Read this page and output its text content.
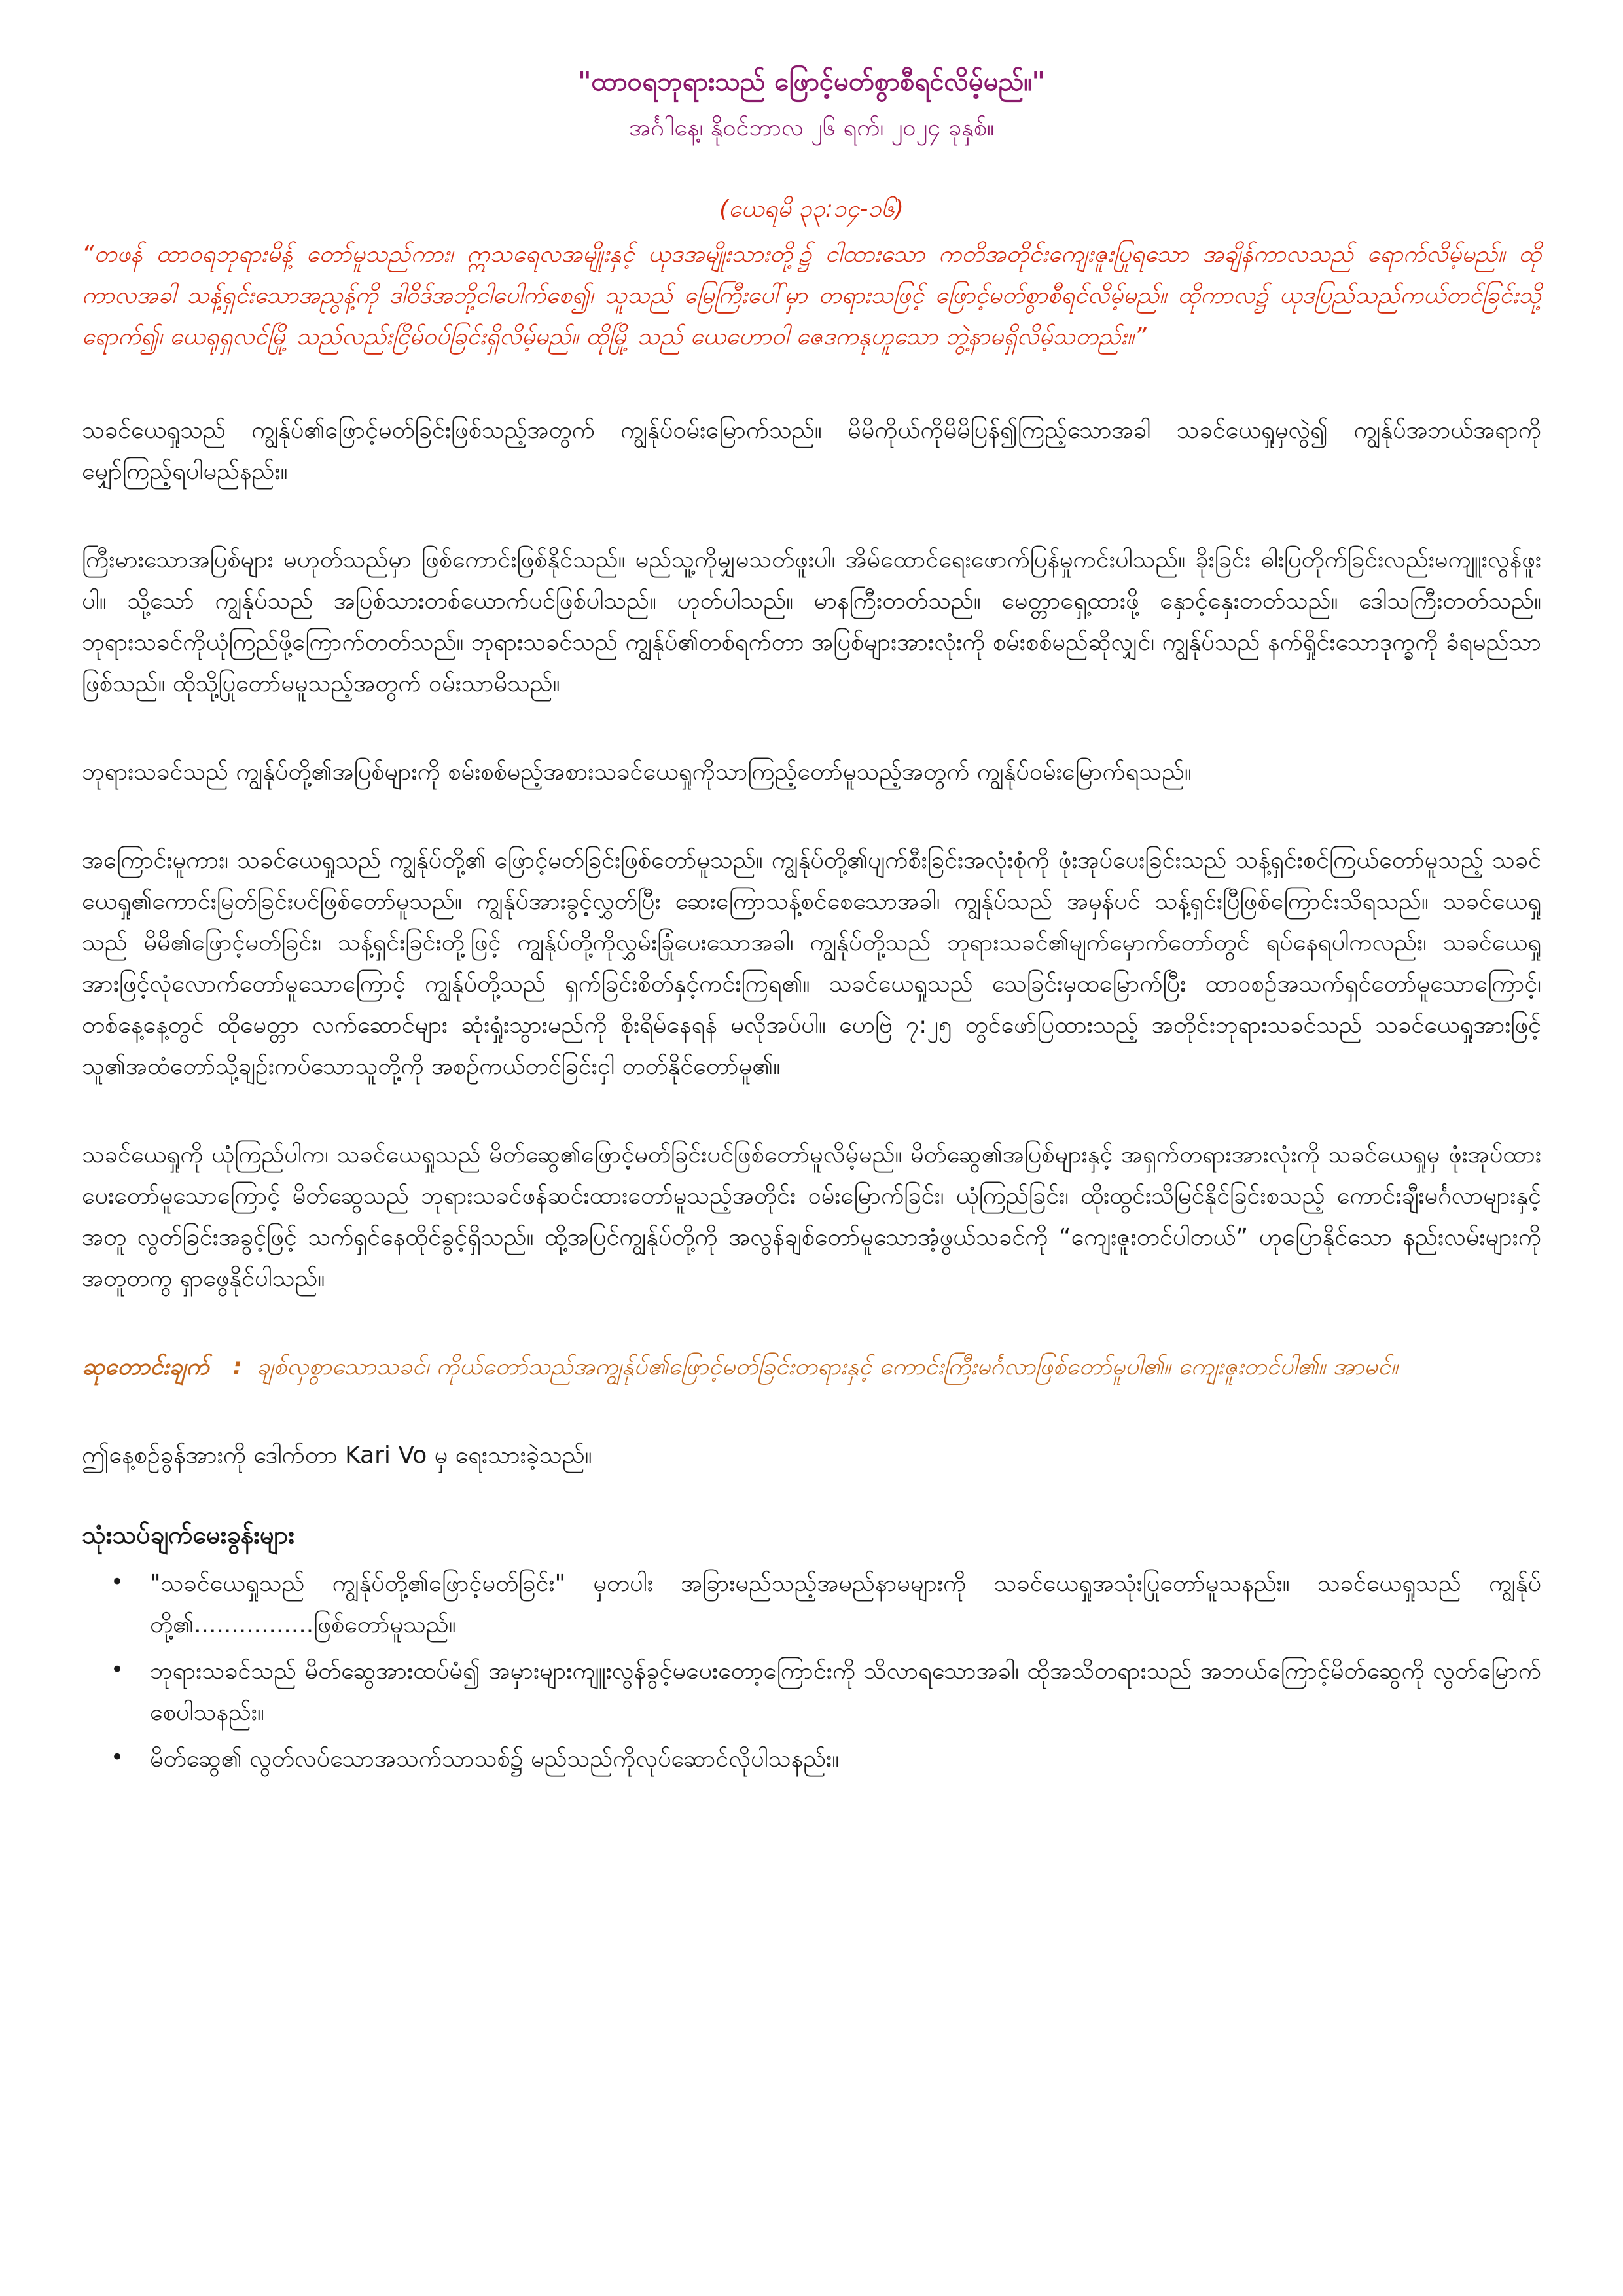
"ထာဝရဘုရားသည် ဖြောင့်မတ်စွာစီရင်လိမ့်မည်။"
အင်္ဂါနေ့၊ နိုဝင်ဘာလ ၂၆ ရက်၊ ၂၀၂၄ ခုနှစ်။
(ယေရမိ ၃၃:၁၄-၁၆)
“တဖန် ထာဝရဘုရားမိန့် တော်မူသည်ကား၊ ဣသရေလအမျိုးနှင့် ယုဒအမျိုးသားတို့၌ ငါထားသော ကတိအတိုင်းကျေးဇူးပြုရသော အချိန်ကာလသည် ရောက်လိမ့်မည်။ ထိုကာလအခါ သန့်ရှင်းသောအညွန့်ကို ဒါဝိဒ်အဘို့ငါပေါက်စေ၍၊ သူသည် မြေကြီးပေါ်မှာ တရားသဖြင့် ဖြောင့်မတ်စွာစီရင်လိမ့်မည်။ ထိုကာလ၌ ယုဒပြည်သည်ကယ်တင်ခြင်းသို့ရောက်၍၊ ယေရုရှလင်မြို့ သည်လည်းငြိမ်ဝပ်ခြင်းရှိလိမ့်မည်။ ထိုမြို့ သည် ယေဟောဝါ ဇေဒကနုဟူသော ဘွဲ့နာမရှိလိမ့်သတည်း။”
သခင်ယေရှုသည် ကျွန်ုပ်၏ဖြောင့်မတ်ခြင်းဖြစ်သည့်အတွက် ကျွန်ုပ်ဝမ်းမြောက်သည်။ မိမိကိုယ်ကိုမိမိပြန်၍ကြည့်သောအခါ သခင်ယေရှုမှလွဲ၍ ကျွန်ုပ်အဘယ်အရာကို မျှော်ကြည့်ရပါမည်နည်း။
ကြီးမားသောအပြစ်များ မဟုတ်သည်မှာ ဖြစ်ကောင်းဖြစ်နိုင်သည်။ မည်သူ့ကိုမျှမသတ်ဖူးပါ၊ အိမ်ထောင်ရေးဖောက်ပြန်မှုကင်းပါသည်။ ခိုးခြင်း ဓါးပြတိုက်ခြင်းလည်းမကျူးလွန်ဖူးပါ။ သို့သော် ကျွန်ုပ်သည် အပြစ်သားတစ်ယောက်ပင်ဖြစ်ပါသည်။ ဟုတ်ပါသည်။ မာနကြီးတတ်သည်။ မေတ္တာရှေ့ထားဖို့ နှောင့်နှေးတတ်သည်။ ဒေါသကြီးတတ်သည်။ ဘုရားသခင်ကိုယုံကြည်ဖို့ကြောက်တတ်သည်။ ဘုရားသခင်သည် ကျွန်ုပ်၏တစ်ရက်တာ အပြစ်များအားလုံးကို စမ်းစစ်မည်ဆိုလျှင်၊ ကျွန်ုပ်သည် နက်ရှိုင်းသောဒုက္ခကို ခံရမည်သာဖြစ်သည်။ ထိုသို့ပြုတော်မမူသည့်အတွက် ဝမ်းသာမိသည်။
ဘုရားသခင်သည် ကျွန်ုပ်တို့၏အပြစ်များကို စမ်းစစ်မည့်အစားသခင်ယေရှုကိုသာကြည့်တော်မူသည့်အတွက် ကျွန်ုပ်ဝမ်းမြောက်ရသည်။
အကြောင်းမူကား၊ သခင်ယေရှုသည် ကျွန်ုပ်တို့၏ ဖြောင့်မတ်ခြင်းဖြစ်တော်မူသည်။ ကျွန်ုပ်တို့၏ပျက်စီးခြင်းအလုံးစုံကို ဖုံးအုပ်ပေးခြင်းသည် သန့်ရှင်းစင်ကြယ်တော်မူသည့် သခင်ယေရှု၏ကောင်းမြတ်ခြင်းပင်ဖြစ်တော်မူသည်။ ကျွန်ုပ်အားခွင့်လွှတ်ပြီး ဆေးကြောသန့်စင်စေသောအခါ၊ ကျွန်ုပ်သည် အမှန်ပင် သန့်ရှင်းပြီဖြစ်ကြောင်းသိရသည်။ သခင်ယေရှုသည် မိမိ၏ဖြောင့်မတ်ခြင်း၊ သန့်ရှင်းခြင်းတို့ဖြင့် ကျွန်ုပ်တို့ကိုလွှမ်းခြုံပေးသောအခါ၊ ကျွန်ုပ်တို့သည် ဘုရားသခင်၏မျက်မှောက်တော်တွင် ရပ်နေရပါကလည်း၊ သခင်ယေရှုအားဖြင့်လုံလောက်တော်မူသောကြောင့် ကျွန်ုပ်တို့သည် ရှက်ခြင်းစိတ်နှင့်ကင်းကြရ၏။ သခင်ယေရှုသည် သေခြင်းမှထမြောက်ပြီး ထာဝစဉ်အသက်ရှင်တော်မူသောကြောင့်၊ တစ်နေ့နေ့တွင် ထိုမေတ္တာ လက်ဆောင်များ ဆုံးရှုံးသွားမည်ကို စိုးရိမ်နေရန် မလိုအပ်ပါ။ ဟေဗြဲ ၇:၂၅ တွင်ဖော်ပြထားသည့် အတိုင်းဘုရားသခင်သည် သခင်ယေရှုအားဖြင့်သူ၏အထံတော်သို့ချဉ်းကပ်သောသူတို့ကို အစဉ်ကယ်တင်ခြင်းငှါ တတ်နိုင်တော်မူ၏။
သခင်ယေရှုကို ယုံကြည်ပါက၊ သခင်ယေရှုသည် မိတ်ဆွေ၏ဖြောင့်မတ်ခြင်းပင်ဖြစ်တော်မူလိမ့်မည်။ မိတ်ဆွေ၏အပြစ်များနှင့် အရှက်တရားအားလုံးကို သခင်ယေရှုမှ ဖုံးအုပ်ထားပေးတော်မူသောကြောင့် မိတ်ဆွေသည် ဘုရားသခင်ဖန်ဆင်းထားတော်မူသည့်အတိုင်း ဝမ်းမြောက်ခြင်း၊ ယုံကြည်ခြင်း၊ ထိုးထွင်းသိမြင်နိုင်ခြင်းစသည့် ကောင်းချီးမင်္ဂလာများနှင့်အတူ လွတ်ခြင်းအခွင့်ဖြင့် သက်ရှင်နေထိုင်ခွင့်ရှိသည်။ ထို့အပြင်ကျွန်ုပ်တို့ကို အလွန်ချစ်တော်မူသောအံ့ဖွယ်သခင်ကို “ကျေးဇူးတင်ပါတယ်” ဟုပြောနိုင်သော နည်းလမ်းများကို အတူတကွ ရှာဖွေနိုင်ပါသည်။
ဆုတောင်းချက် : ချစ်လှစွာသောသခင်၊ ကိုယ်တော်သည်အကျွန်ုပ်၏ဖြောင့်မတ်ခြင်းတရားနှင့် ကောင်းကြီးမင်္ဂလာဖြစ်တော်မူပါ၏။ ကျေးဇူးတင်ပါ၏။ အာမင်။
ဤနေ့စဉ်ခွန်အားကို ဒေါက်တာ Kari Vo မှ ရေးသားခဲ့သည်။
သုံးသပ်ချက်မေးခွန်းများ
• "သခင်ယေရှုသည် ကျွန်ုပ်တို့၏ဖြောင့်မတ်ခြင်း" မှတပါး အခြားမည်သည့်အမည်နာမများကို သခင်ယေရှုအသုံးပြုတော်မူသနည်း။ သခင်ယေရှုသည် ကျွန်ုပ်တို့၏................ဖြစ်တော်မူသည်။
• ဘုရားသခင်သည် မိတ်ဆွေအားထပ်မံ၍ အမှားများကျူးလွန်ခွင့်မပေးတော့ကြောင်းကို သိလာရသောအခါ၊ ထိုအသိတရားသည် အဘယ်ကြောင့်မိတ်ဆွေကို လွတ်မြောက်စေပါသနည်း။
• မိတ်ဆွေ၏ လွတ်လပ်သောအသက်သာသစ်၌ မည်သည်ကိုလုပ်ဆောင်လိုပါသနည်း။
